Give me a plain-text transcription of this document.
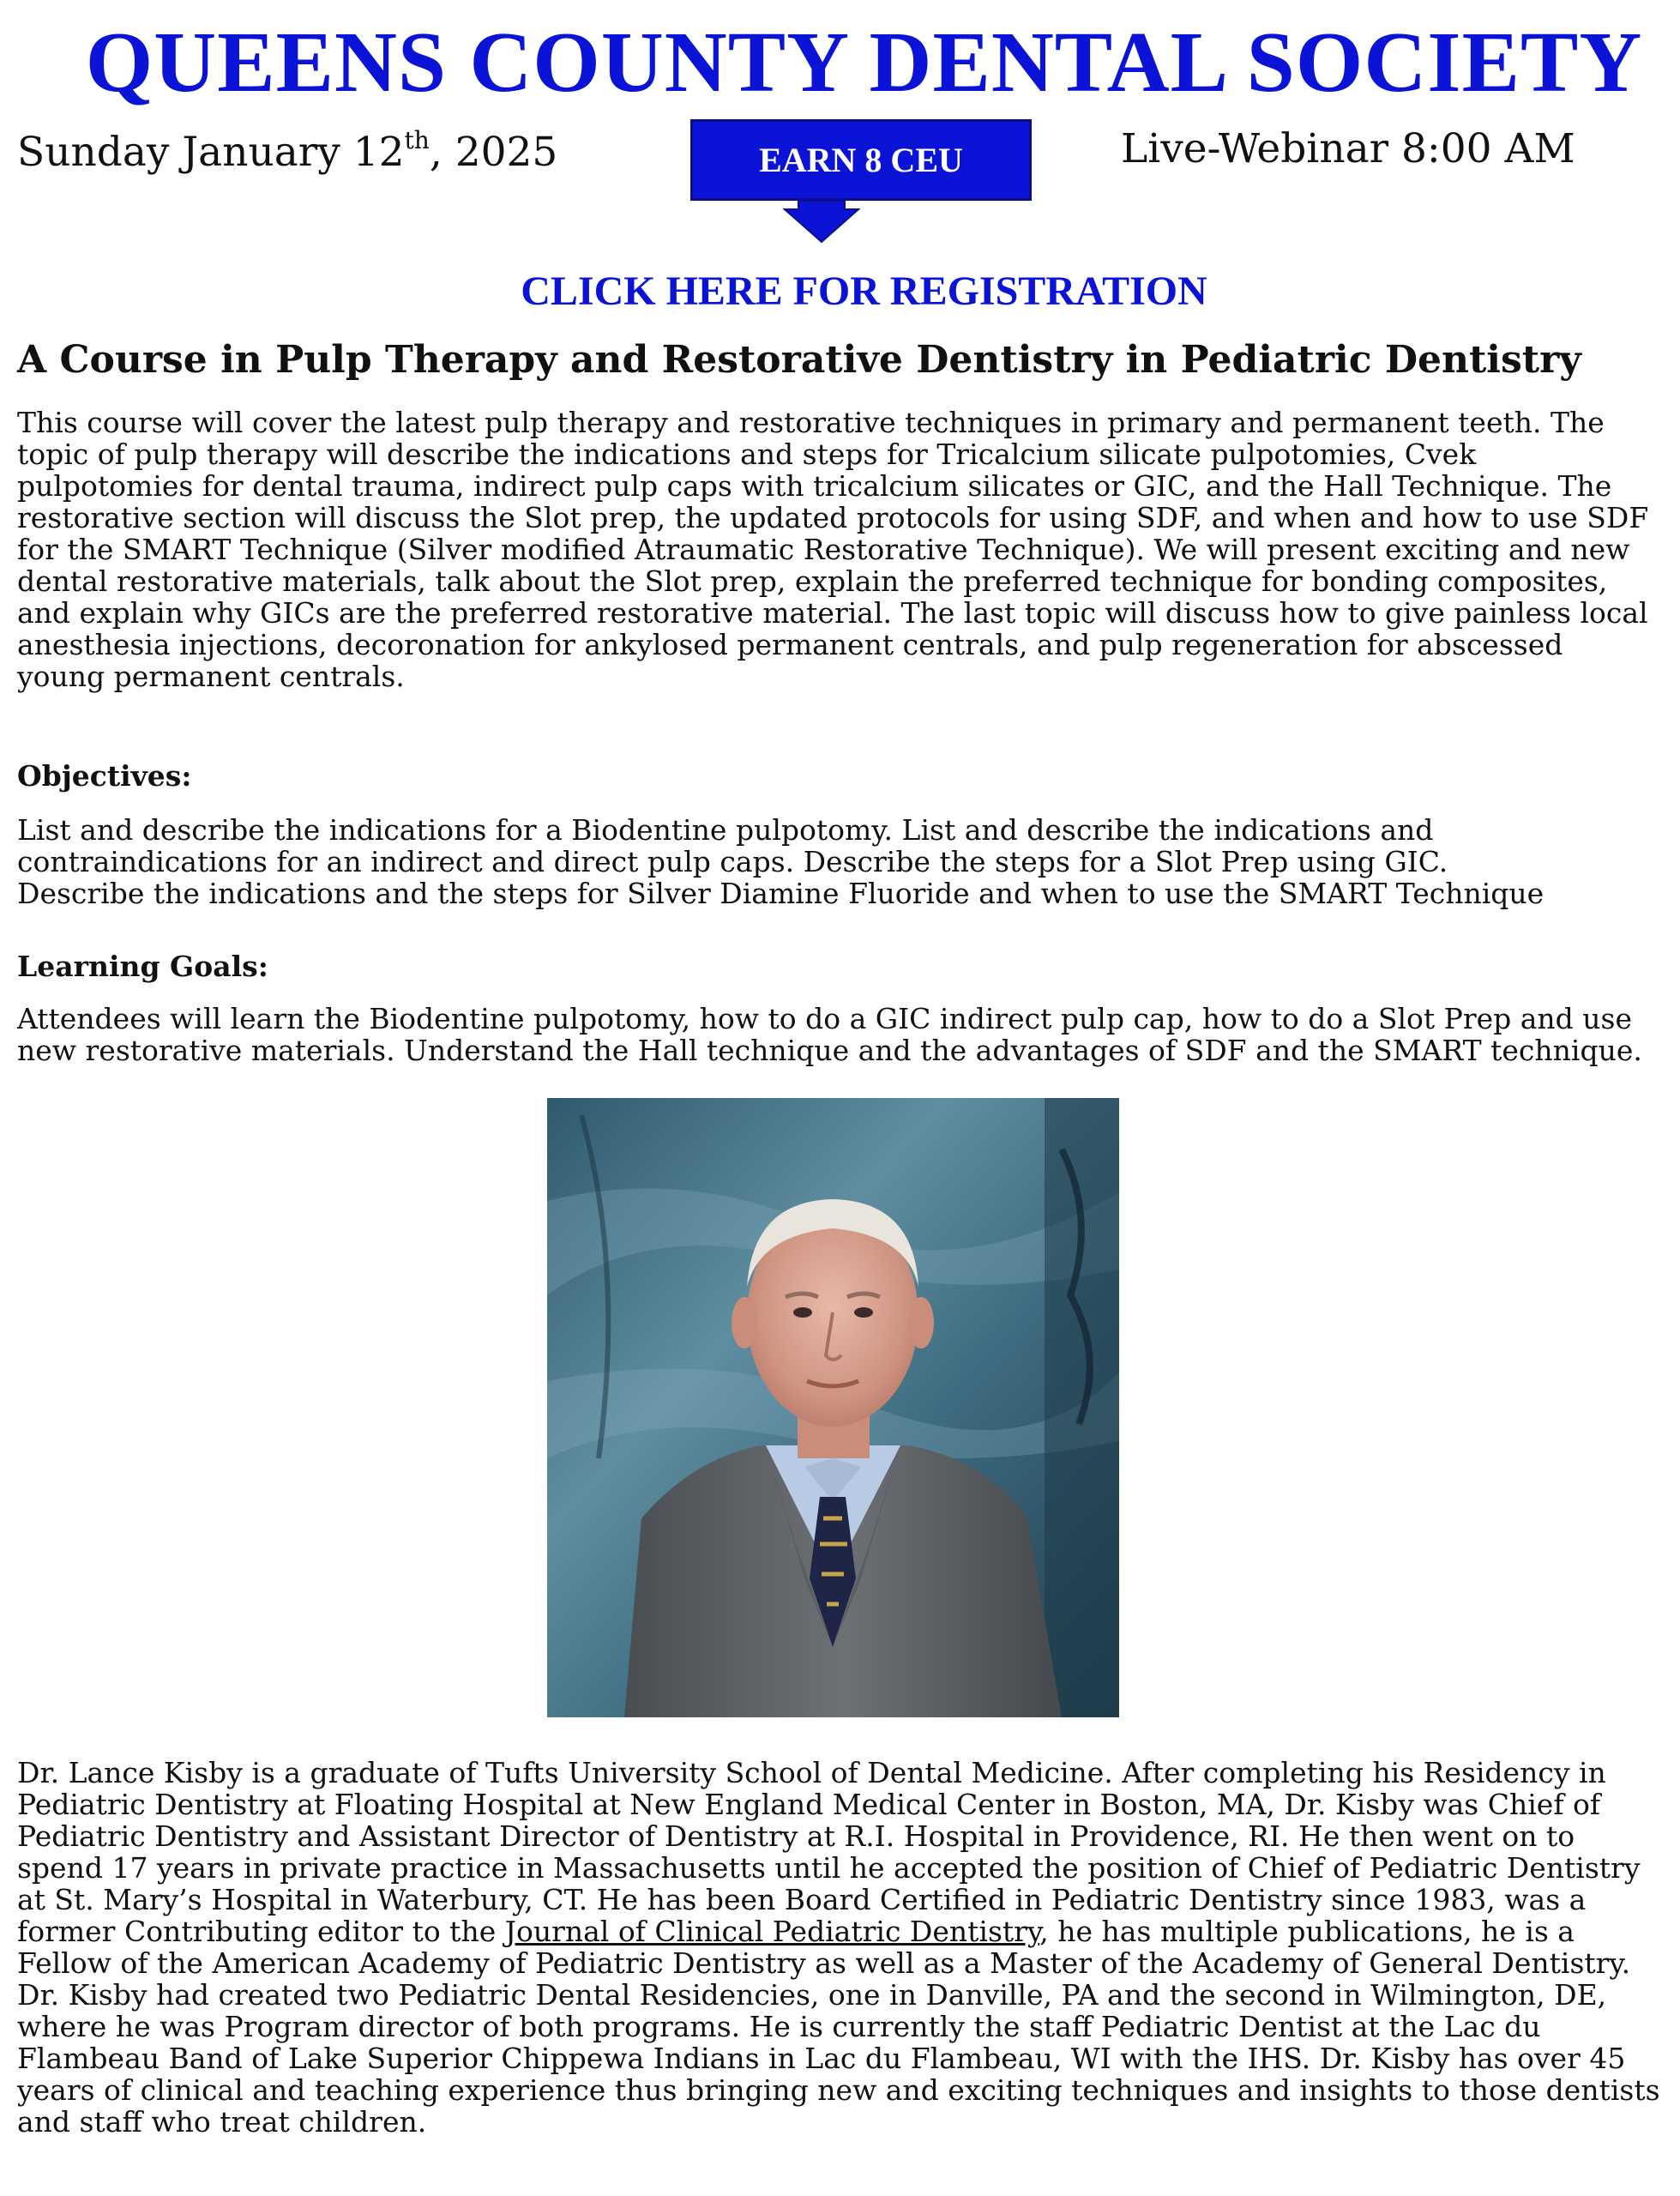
QUEENS COUNTY DENTAL SOCIETY
Sunday January 12th, 2025	EARN 8 CEU	Live-Webinar 8:00 AM
CLICK HERE FOR REGISTRATION
A Course in Pulp Therapy and Restorative Dentistry in Pediatric Dentistry
This course will cover the latest pulp therapy and restorative techniques in primary and permanent teeth. The
topic of pulp therapy will describe the indications and steps for Tricalcium silicate pulpotomies, Cvek
pulpotomies for dental trauma, indirect pulp caps with tricalcium silicates or GIC, and the Hall Technique. The
restorative section will discuss the Slot prep, the updated protocols for using SDF, and when and how to use SDF
for the SMART Technique (Silver modified Atraumatic Restorative Technique). We will present exciting and new
dental restorative materials, talk about the Slot prep, explain the preferred technique for bonding composites,
and explain why GICs are the preferred restorative material. The last topic will discuss how to give painless local
anesthesia injections, decoronation for ankylosed permanent centrals, and pulp regeneration for abscessed
young permanent centrals.
Objectives:
List and describe the indications for a Biodentine pulpotomy. List and describe the indications and
contraindications for an indirect and direct pulp caps. Describe the steps for a Slot Prep using GIC.
Describe the indications and the steps for Silver Diamine Fluoride and when to use the SMART Technique
Learning Goals:
Attendees will learn the Biodentine pulpotomy, how to do a GIC indirect pulp cap, how to do a Slot Prep and use
new restorative materials. Understand the Hall technique and the advantages of SDF and the SMART technique.
Dr. Lance Kisby is a graduate of Tufts University School of Dental Medicine. After completing his Residency in
Pediatric Dentistry at Floating Hospital at New England Medical Center in Boston, MA, Dr. Kisby was Chief of
Pediatric Dentistry and Assistant Director of Dentistry at R.I. Hospital in Providence, RI. He then went on to
spend 17 years in private practice in Massachusetts until he accepted the position of Chief of Pediatric Dentistry
at St. Mary’s Hospital in Waterbury, CT. He has been Board Certified in Pediatric Dentistry since 1983, was a
former Contributing editor to the Journal of Clinical Pediatric Dentistry, he has multiple publications, he is a
Fellow of the American Academy of Pediatric Dentistry as well as a Master of the Academy of General Dentistry.
Dr. Kisby had created two Pediatric Dental Residencies, one in Danville, PA and the second in Wilmington, DE,
where he was Program director of both programs. He is currently the staff Pediatric Dentist at the Lac du
Flambeau Band of Lake Superior Chippewa Indians in Lac du Flambeau, WI with the IHS. Dr. Kisby has over 45
years of clinical and teaching experience thus bringing new and exciting techniques and insights to those dentists
and staff who treat children.
